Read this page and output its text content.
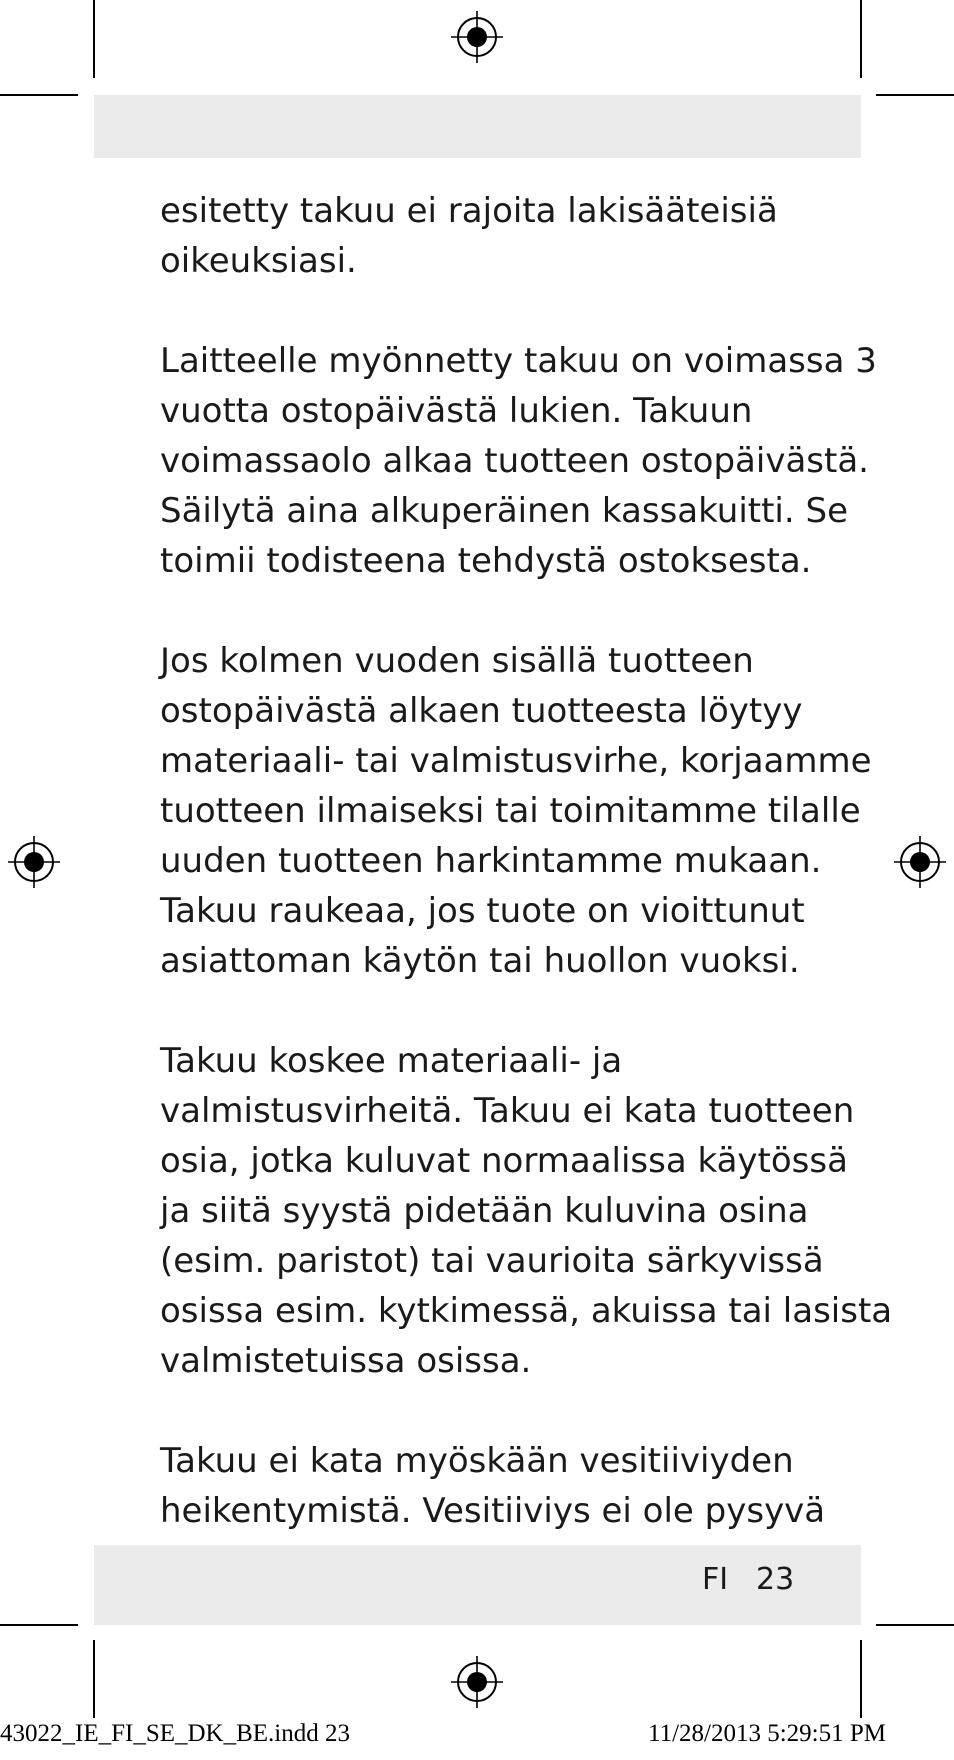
esitetty takuu ei rajoita lakisääteisiä
oikeuksiasi.

Laitteelle myönnetty takuu on voimassa 3
vuotta ostopäivästä lukien. Takuun
voimassaolo alkaa tuotteen ostopäivästä.
Säilytä aina alkuperäinen kassakuitti. Se
toimii todisteena tehdystä ostoksesta.

Jos kolmen vuoden sisällä tuotteen
ostopäivästä alkaen tuotteesta löytyy
materiaali- tai valmistusvirhe, korjaamme
tuotteen ilmaiseksi tai toimitamme tilalle
uuden tuotteen harkintamme mukaan.
Takuu raukeaa, jos tuote on vioittunut
asiattoman käytön tai huollon vuoksi.

Takuu koskee materiaali- ja
valmistusvirheitä. Takuu ei kata tuotteen
osia, jotka kuluvat normaalissa käytössä
ja siitä syystä pidetään kuluvina osina
(esim. paristot) tai vaurioita särkyvissä
osissa esim. kytkimessä, akuissa tai lasista
valmistetuissa osissa.

Takuu ei kata myöskään vesitiiviyden
heikentymistä. Vesitiiviys ei ole pysyvä

FI 23
43022_IE_FI_SE_DK_BE.indd 23	11/28/2013 5:29:51 PM
